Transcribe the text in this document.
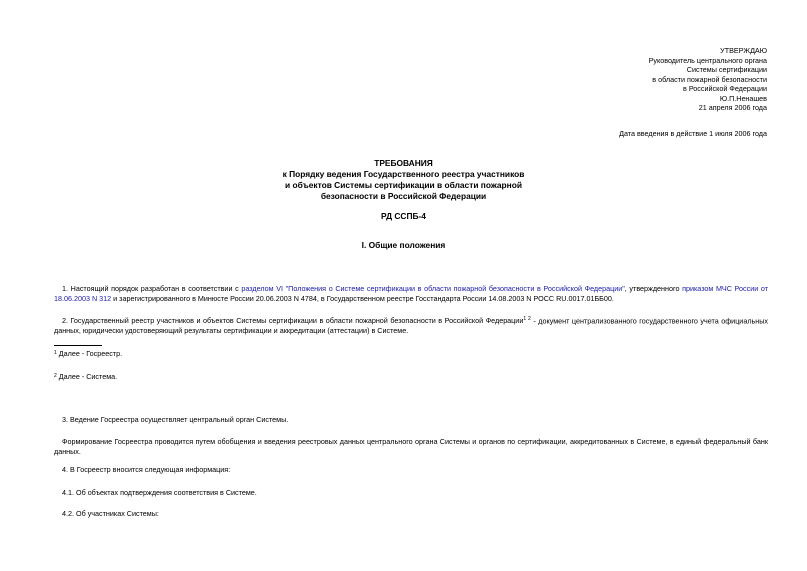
УТВЕРЖДАЮ
Руководитель центрального органа
Системы сертификации
в области пожарной безопасности
в Российской Федерации
Ю.П.Ненашев
21 апреля 2006 года
Дата введения в действие 1 июля 2006 года
ТРЕБОВАНИЯ
к Порядку ведения Государственного реестра участников
и объектов Системы сертификации в области пожарной
безопасности в Российской Федерации
РД ССПБ-4
I. Общие положения
1. Настоящий порядок разработан в соответствии с разделом VI "Положения о Системе сертификации в области пожарной безопасности в Российской Федерации", утвержденного приказом МЧС России от 18.06.2003 N 312 и зарегистрированного в Минюсте России 20.06.2003 N 4784, в Государственном реестре Госстандарта России 14.08.2003 N РОСС RU.0017.01ББ00.
2. Государственный реестр участников и объектов Системы сертификации в области пожарной безопасности в Российской Федерации$^{1 2}$ - документ централизованного государственного учета официальных данных, юридически удостоверяющий результаты сертификации и аккредитации (аттестации) в Системе.
$^1$ Далее - Госреестр.
$^2$ Далее - Система.
3. Ведение Госреестра осуществляет центральный орган Системы.
Формирование Госреестра проводится путем обобщения и введения реестровых данных центрального органа Системы и органов по сертификации, аккредитованных в Системе, в единый федеральный банк данных.
4. В Госреестр вносится следующая информация:
4.1. Об объектах подтверждения соответствия в Системе.
4.2. Об участниках Системы:
